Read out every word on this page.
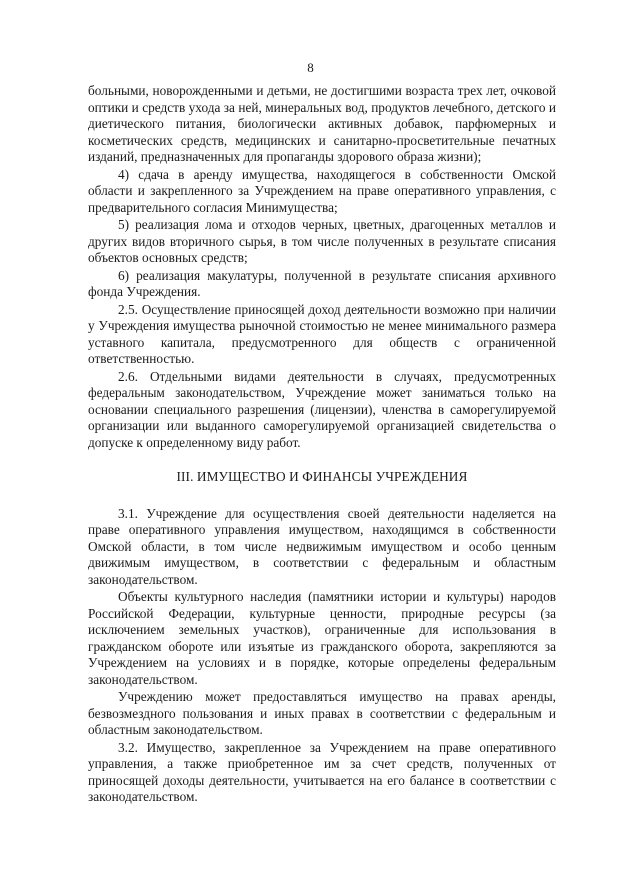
8

больными, новорожденными и детьми, не достигшими возраста трех лет, очковой оптики и средств ухода за ней, минеральных вод, продуктов лечебного, детского и диетического питания, биологически активных добавок, парфюмерных и косметических средств, медицинских и санитарно-просветительные печатных изданий, предназначенных для пропаганды здорового образа жизни);

4) сдача в аренду имущества, находящегося в собственности Омской области и закрепленного за Учреждением на праве оперативного управления, с предварительного согласия Минимущества;

5) реализация лома и отходов черных, цветных, драгоценных металлов и других видов вторичного сырья, в том числе полученных в результате списания объектов основных средств;

6) реализация макулатуры, полученной в результате списания архивного фонда Учреждения.

2.5. Осуществление приносящей доход деятельности возможно при наличии у Учреждения имущества рыночной стоимостью не менее минимального размера уставного капитала, предусмотренного для обществ с ограниченной ответственностью.

2.6. Отдельными видами деятельности в случаях, предусмотренных федеральным законодательством, Учреждение может заниматься только на основании специального разрешения (лицензии), членства в саморегулируемой организации или выданного саморегулируемой организацией свидетельства о допуске к определенному виду работ.

III. ИМУЩЕСТВО И ФИНАНСЫ УЧРЕЖДЕНИЯ

3.1. Учреждение для осуществления своей деятельности наделяется на праве оперативного управления имуществом, находящимся в собственности Омской области, в том числе недвижимым имуществом и особо ценным движимым имуществом, в соответствии с федеральным и областным законодательством.

Объекты культурного наследия (памятники истории и культуры) народов Российской Федерации, культурные ценности, природные ресурсы (за исключением земельных участков), ограниченные для использования в гражданском обороте или изъятые из гражданского оборота, закрепляются за Учреждением на условиях и в порядке, которые определены федеральным законодательством.

Учреждению может предоставляться имущество на правах аренды, безвозмездного пользования и иных правах в соответствии с федеральным и областным законодательством.

3.2. Имущество, закрепленное за Учреждением на праве оперативного управления, а также приобретенное им за счет средств, полученных от приносящей доходы деятельности, учитывается на его балансе в соответствии с законодательством.
